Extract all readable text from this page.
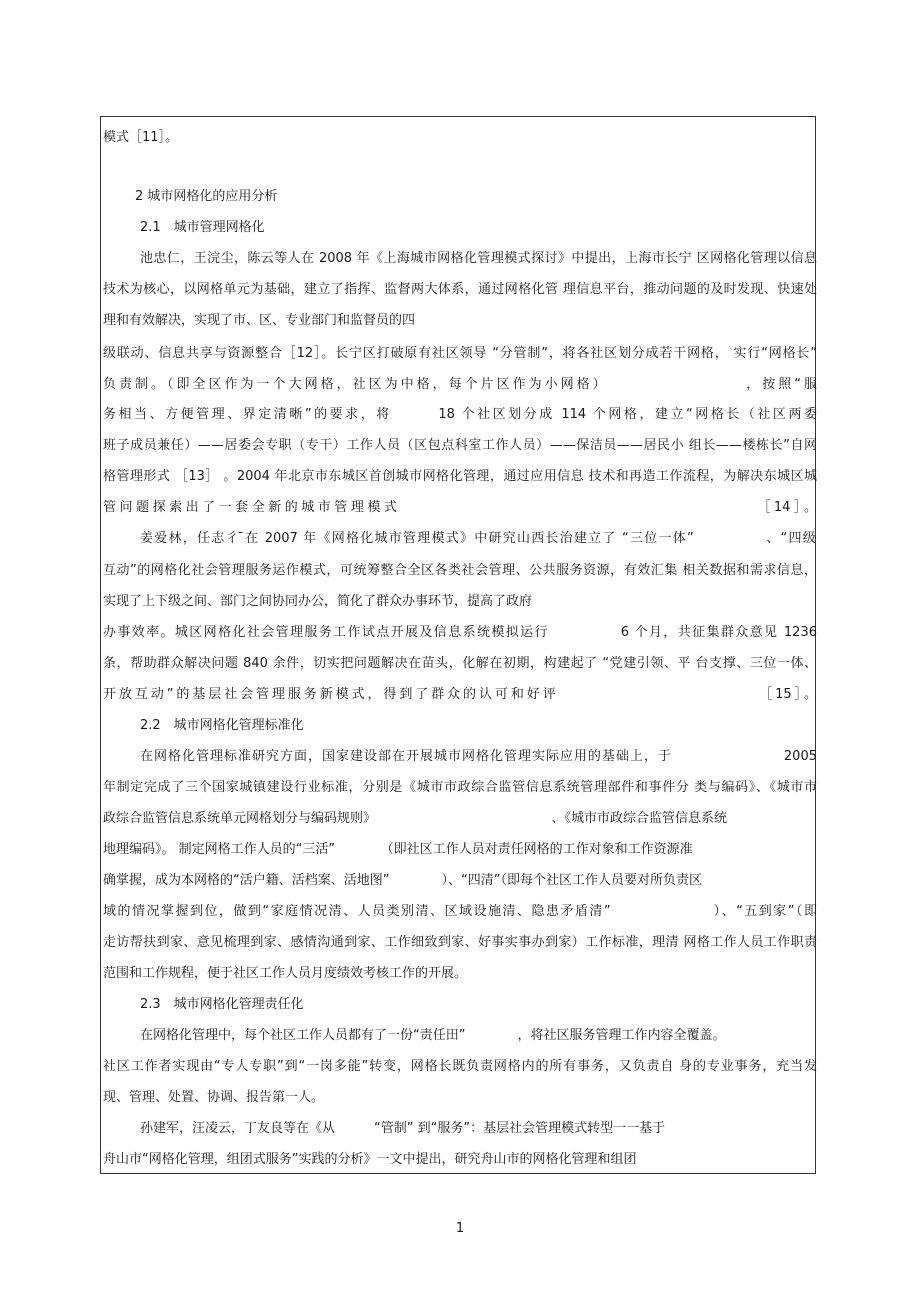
模式［11］。
2 城市网格化的应用分析
2.1　城市管理网格化
池忠仁，王浣尘，陈云等人在 2008 年《上海城市网格化管理模式探讨》中提出，上海市长宁 区网格化管理以信息
技术为核心，以网格单元为基础，建立了指挥、监督两大体系，通过网格化管 理信息平台，推动问题的及时发现、快速处
理和有效解决，实现了市、区、专业部门和监督员的四
级联动、信息共享与资源整合［12］。长宁区打破原有社区领导 “分管制”，将各社区划分成若干网格， 实行“网格长”
负责制。（即全区作为一个大网格，社区为中格，每个片区作为小网格）　　　　　　　　　，按照“服
务相当、方便管理、界定清晰”的要求，将　　　18 个社区划分成 114 个网格，建立“网格长（社区两委
班子成员兼任）——居委会专职（专干）工作人员（区包点科室工作人员）——保洁员——居民小 组长——楼栋长”自网
格管理形式 ［13］ 。2004 年北京市东城区首创城市网格化管理，通过应用信息 技术和再造工作流程，为解决东城区城
管问题探索出了一套全新的城市管理模式　　　　　　　　　　　　　　　　　　　　　　［14］。
姜爱林，任志彳 ̄在 2007 年《网格化城市管理模式》中研究山西长治建立了 “三位一体”　　　　　、“四级
互动”的网格化社会管理服务运作模式，可统筹整合全区各类社会管理、公共服务资源，有效汇集 相关数据和需求信息，
实现了上下级之间、部门之间协同办公，简化了群众办事环节，提高了政府
办事效率。城区网格化社会管理服务工作试点开展及信息系统模拟运行　　　　　6 个月，共征集群众意见 1236
条，帮助群众解决问题 840 余件，切实把问题解决在苗头，化解在初期，构建起了 “党建引领、平 台支撑、三位一体、
开放互动”的基层社会管理服务新模式，得到了群众的认可和好评　　　　　　　　　　　　　［15］。
2.2　城市网格化管理标准化
在网格化管理标准研究方面，国家建设部在开展城市网格化管理实际应用的基础上，于　　　　　　　　2005
年制定完成了三个国家城镇建设行业标准，分别是《城市市政综合监管信息系统管理部件和事件分 类与编码》、《城市市
政综合监管信息系统单元网格划分与编码规则》　　　　　　　　　　　　　　、《城市市政综合监管信息系统
地理编码》。 制定网格工作人员的“三活”　　　　（即社区工作人员对责任网格的工作对象和工作资源准
确掌握，成为本网格的“活户籍、活档案、活地图”　　　　）、“四清”（即每个社区工作人员要对所负责区
域的情况掌握到位，做到“家庭情况清、人员类别清、区域设施清、隐患矛盾清”　　　　　　　）、“五到家”（即
走访帮扶到家、意见梳理到家、感情沟通到家、工作细致到家、好事实事办到家）工作标准，理清 网格工作人员工作职责
范围和工作规程，便于社区工作人员月度绩效考核工作的开展。
2.3　城市网格化管理责任化
在网格化管理中，每个社区工作人员都有了一份“责任田”　　　　，将社区服务管理工作内容全覆盖。
社区工作者实现由“专人专职”到“一岗多能”转变，网格长既负责网格内的所有事务，又负责自 身的专业事务，充当发
现、管理、处置、协调、报告第一人。
孙建军，汪凌云，丁友良等在《从　　　“管制” 到“服务”：基层社会管理模式转型一一基于
舟山市“网格化管理，组团式服务”实践的分析》一文中提出，研究舟山市的网格化管理和组团
1
